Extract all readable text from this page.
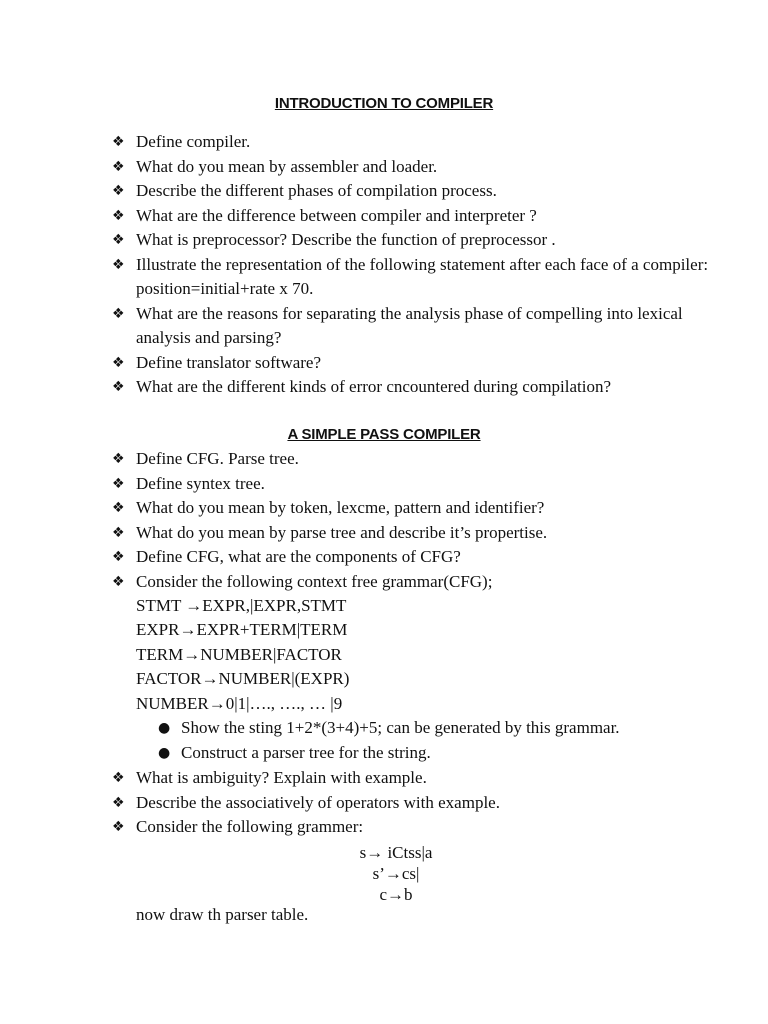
INTRODUCTION TO COMPILER
❖ Define compiler.
❖ What do you mean by assembler and loader.
❖ Describe the different phases of compilation process.
❖ What are the difference between compiler and interpreter ?
❖ What is preprocessor? Describe the function of preprocessor .
❖ Illustrate the representation of the following statement after each face of a compiler: position=initial+rate x 70.
❖ What are the reasons for separating the analysis phase of compelling into lexical analysis and parsing?
❖ Define translator software?
❖ What are the different kinds of error cncountered during compilation?
A SIMPLE PASS COMPILER
❖ Define CFG. Parse tree.
❖ Define syntex tree.
❖ What do you mean by token, lexcme, pattern and identifier?
❖ What do you mean by parse tree and describe it’s propertise.
❖ Define CFG, what are the components of CFG?
❖ Consider the following context free grammar(CFG);
STMT →EXPR,|EXPR,STMT
EXPR→EXPR+TERM|TERM
TERM→NUMBER|FACTOR
FACTOR→NUMBER|(EXPR)
NUMBER→0|1|…., …., … |9
● Show the sting 1+2*(3+4)+5; can be generated by this grammar.
● Construct a parser tree for the string.
❖ What is ambiguity? Explain with example.
❖ Describe the associatively of operators with example.
❖ Consider the following grammer:
s→ iCtss|a
s’→cs|
c→b
now draw th parser table.
